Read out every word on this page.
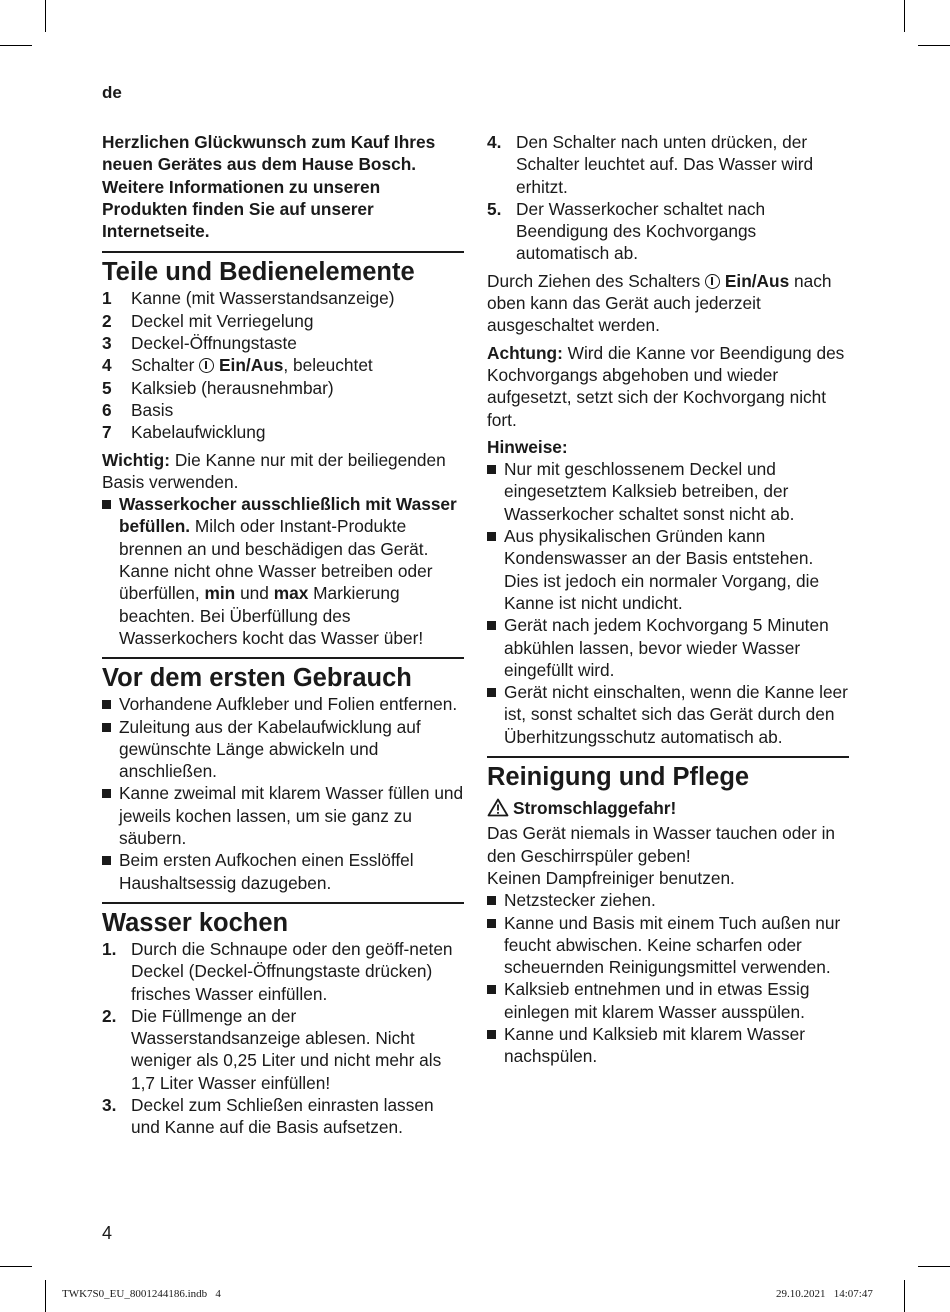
de

Herzlichen Glückwunsch zum Kauf Ihres neuen Gerätes aus dem Hause Bosch. Weitere Informationen zu unseren Produkten finden Sie auf unserer Internetseite.

Teile und Bedienelemente
1 Kanne (mit Wasserstandsanzeige)
2 Deckel mit Verriegelung
3 Deckel-Öffnungstaste
4 Schalter Ein/Aus, beleuchtet
5 Kalksieb (herausnehmbar)
6 Basis
7 Kabelaufwicklung

Wichtig: Die Kanne nur mit der beiliegenden Basis verwenden.

Wasserkocher ausschließlich mit Wasser befüllen. Milch oder Instant-Produkte brennen an und beschädigen das Gerät. Kanne nicht ohne Wasser betreiben oder überfüllen, min und max Markierung beachten. Bei Überfüllung des Wasserkochers kocht das Wasser über!
Vor dem ersten Gebrauch
Vorhandene Aufkleber und Folien entfernen.
Zuleitung aus der Kabelaufwicklung auf gewünschte Länge abwickeln und anschließen.
Kanne zweimal mit klarem Wasser füllen und jeweils kochen lassen, um sie ganz zu säubern.
Beim ersten Aufkochen einen Esslöffel Haushaltsessig dazugeben.
Wasser kochen
1. Durch die Schnaupe oder den geöff-neten Deckel (Deckel-Öffnungstaste drücken) frisches Wasser einfüllen.
2. Die Füllmenge an der Wasserstandsanzeige ablesen. Nicht weniger als 0,25 Liter und nicht mehr als 1,7 Liter Wasser einfüllen!
3. Deckel zum Schließen einrasten lassen und Kanne auf die Basis aufsetzen.
4. Den Schalter nach unten drücken, der Schalter leuchtet auf. Das Wasser wird erhitzt.
5. Der Wasserkocher schaltet nach Beendigung des Kochvorgangs automatisch ab.

Durch Ziehen des Schalters Ein/Aus nach oben kann das Gerät auch jederzeit ausgeschaltet werden.

Achtung: Wird die Kanne vor Beendigung des Kochvorgangs abgehoben und wieder aufgesetzt, setzt sich der Kochvorgang nicht fort.

Hinweise:

Nur mit geschlossenem Deckel und eingesetztem Kalksieb betreiben, der Wasserkocher schaltet sonst nicht ab.
Aus physikalischen Gründen kann Kondenswasser an der Basis entstehen. Dies ist jedoch ein normaler Vorgang, die Kanne ist nicht undicht.
Gerät nach jedem Kochvorgang 5 Minuten abkühlen lassen, bevor wieder Wasser eingefüllt wird.
Gerät nicht einschalten, wenn die Kanne leer ist, sonst schaltet sich das Gerät durch den Überhitzungsschutz automatisch ab.
Reinigung und Pflege

Stromschlaggefahr!

Das Gerät niemals in Wasser tauchen oder in den Geschirrspüler geben!

Keinen Dampfreiniger benutzen.

Netzstecker ziehen.
Kanne und Basis mit einem Tuch außen nur feucht abwischen. Keine scharfen oder scheuernden Reinigungsmittel verwenden.
Kalksieb entnehmen und in etwas Essig einlegen mit klarem Wasser ausspülen.
Kanne und Kalksieb mit klarem Wasser nachspülen.
4
TWK7S0_EU_8001244186.indb   4	29.10.2021   14:07:47
